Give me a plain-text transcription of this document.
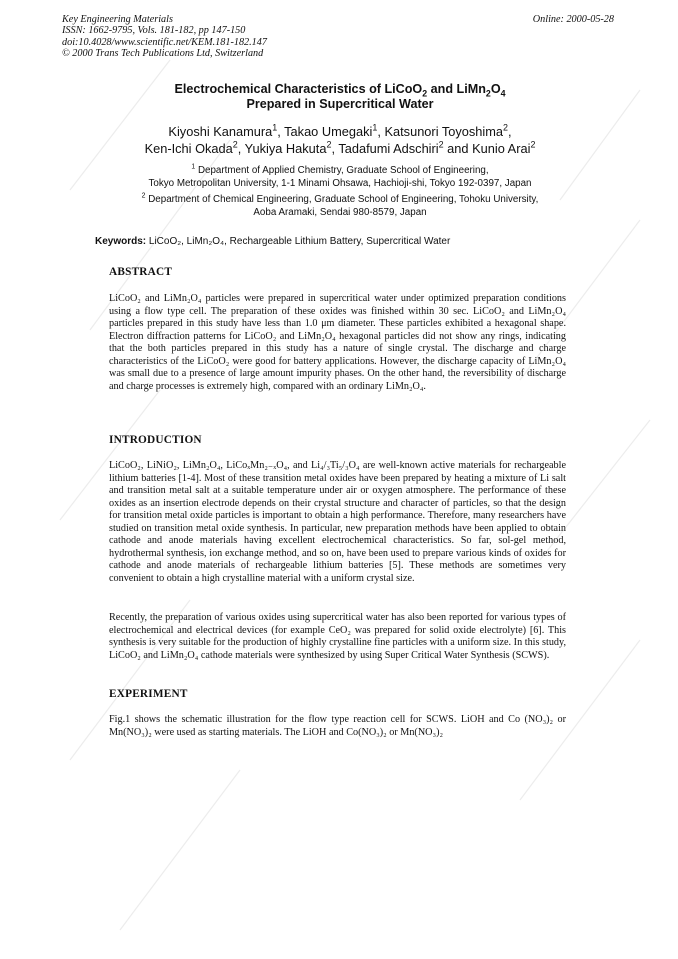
Key Engineering Materials
ISSN: 1662-9795, Vols. 181-182, pp 147-150
doi:10.4028/www.scientific.net/KEM.181-182.147
© 2000 Trans Tech Publications Ltd, Switzerland
Online: 2000-05-28
Electrochemical Characteristics of LiCoO$_2$ and $LiMn_2O_4$
Prepared in Supercritical Water
Kiyoshi Kanamura$^1$, Takao Umegaki$^1$, Katsunori Toyoshima$^2$,
Ken-Ichi Okada$^2$, Yukiya Hakuta$^2$, Tadafumi Adschiri$^2$ and Kunio Arai$^2$
$^1$ Department of Applied Chemistry, Graduate School of Engineering,
Tokyo Metropolitan University, 1-1 Minami Ohsawa, Hachioji-shi, Tokyo 192-0397, Japan
$^2$ Department of Chemical Engineering, Graduate School of Engineering, Tohoku University,
Aoba Aramaki, Sendai 980-8579, Japan
Keywords: LiCoO₂, LiMn₂O₄, Rechargeable Lithium Battery, Supercritical Water
ABSTRACT
LiCoO₂ and LiMn₂O₄ particles were prepared in supercritical water under optimized preparation conditions using a flow type cell. The preparation of these oxides was finished within 30 sec. LiCoO₂ and LiMn₂O₄ particles prepared in this study have less than 1.0 μm diameter. These particles exhibited a hexagonal shape. Electron diffraction patterns for LiCoO₂ and LiMn₂O₄ hexagonal particles did not show any rings, indicating that the both particles prepared in this study has a nature of single crystal. The discharge and charge characteristics of the LiCoO₂ were good for battery applications. However, the discharge capacity of LiMn₂O₄ was small due to a presence of large amount impurity phases. On the other hand, the reversibility of discharge and charge processes is extremely high, compared with an ordinary LiMn₂O₄.
INTRODUCTION
LiCoO₂, LiNiO₂, LiMn₂O₄, LiCoₓMn₂₋ₓO₄, and Li₄/₃Ti₅/₃O₄ are well-known active materials for rechargeable lithium batteries [1-4]. Most of these transition metal oxides have been prepared by heating a mixture of Li salt and transition metal salt at a suitable temperature under air or oxygen atmosphere. The performance of these oxides as an insertion electrode depends on their crystal structure and character of particles, so that the design for transition metal oxide particles is important to obtain a high performance. Therefore, many researchers have studied on transition metal oxide synthesis. In particular, new preparation methods have been applied to obtain cathode and anode materials having excellent electrochemical characteristics. So far, sol-gel method, hydrothermal synthesis, ion exchange method, and so on, have been used to prepare various kinds of oxides for cathode and anode materials of rechargeable lithium batteries [5]. These methods are sometimes very convenient to obtain a high crystalline material with a uniform crystal size.
Recently, the preparation of various oxides using supercritical water has also been reported for various types of electrochemical and electrical devices (for example CeO₂ was prepared for solid oxide electrolyte) [6]. This synthesis is very suitable for the production of highly crystalline fine particles with a uniform size. In this study, LiCoO₂ and LiMn₂O₄ cathode materials were synthesized by using Super Critical Water Synthesis (SCWS).
EXPERIMENT
Fig.1 shows the schematic illustration for the flow type reaction cell for SCWS. LiOH and Co (NO₃)₂ or Mn(NO₃)₂ were used as starting materials. The LiOH and Co(NO₃)₂ or Mn(NO₃)₂
